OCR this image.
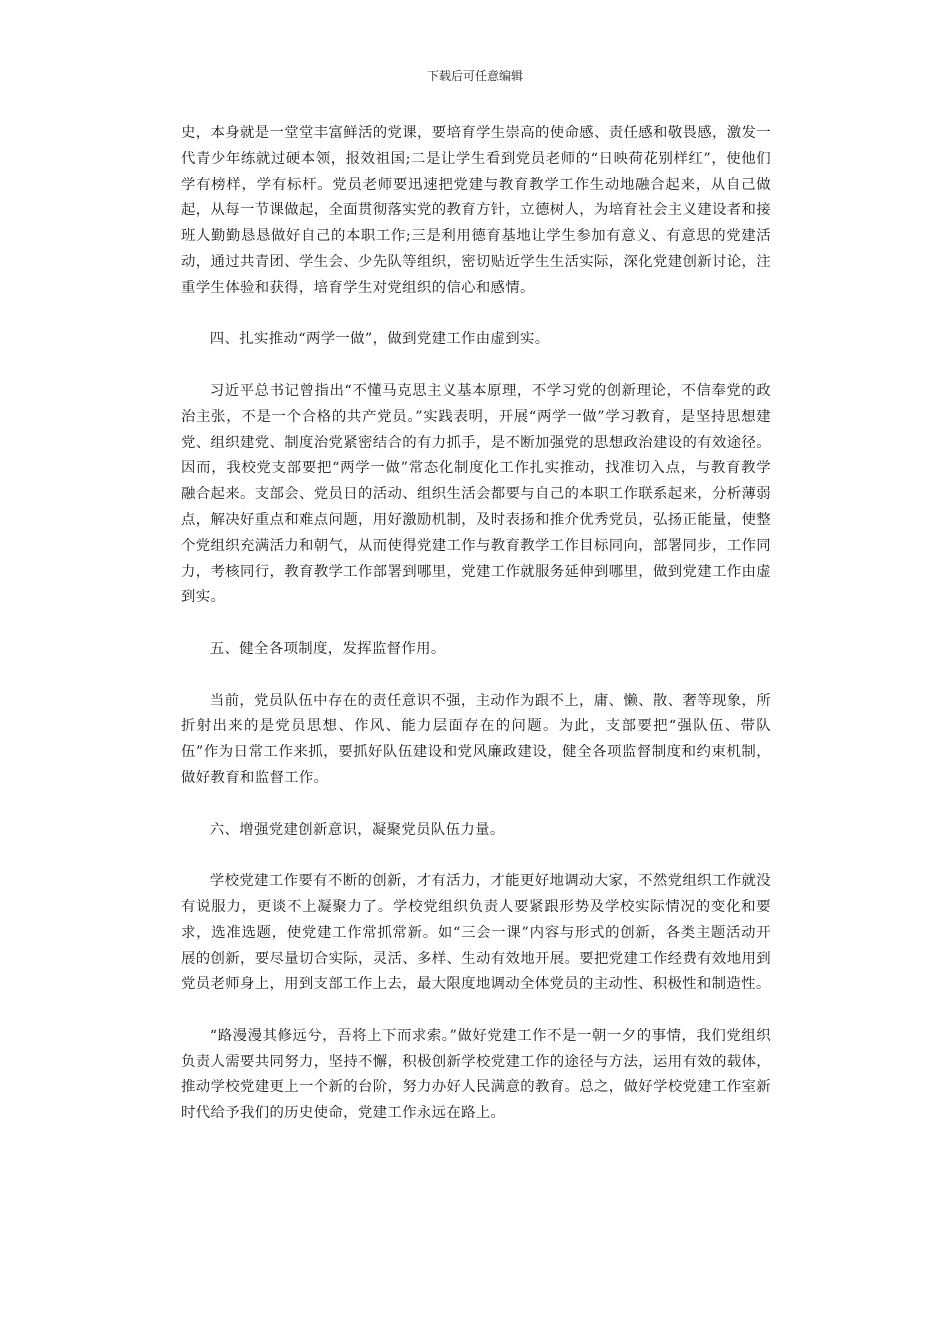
下载后可任意编辑

史，本身就是一堂堂丰富鲜活的党课，要培育学生崇高的使命感、责任感和敬畏感，激发一代青少年练就过硬本领，报效祖国;二是让学生看到党员老师的“日映荷花别样红”，使他们学有榜样，学有标杆。党员老师要迅速把党建与教育教学工作生动地融合起来，从自己做起，从每一节课做起，全面贯彻落实党的教育方针，立德树人，为培育社会主义建设者和接班人勤勤恳恳做好自己的本职工作;三是利用德育基地让学生参加有意义、有意思的党建活动，通过共青团、学生会、少先队等组织，密切贴近学生生活实际，深化党建创新讨论，注重学生体验和获得，培育学生对党组织的信心和感情。

四、扎实推动“两学一做”，做到党建工作由虚到实。

习近平总书记曾指出“不懂马克思主义基本原理，不学习党的创新理论，不信奉党的政治主张，不是一个合格的共产党员。”实践表明，开展“两学一做”学习教育，是坚持思想建党、组织建党、制度治党紧密结合的有力抓手，是不断加强党的思想政治建设的有效途径。因而，我校党支部要把“两学一做”常态化制度化工作扎实推动，找准切入点，与教育教学融合起来。支部会、党员日的活动、组织生活会都要与自己的本职工作联系起来，分析薄弱点，解决好重点和难点问题，用好激励机制，及时表扬和推介优秀党员，弘扬正能量，使整个党组织充满活力和朝气，从而使得党建工作与教育教学工作目标同向，部署同步，工作同力，考核同行，教育教学工作部署到哪里，党建工作就服务延伸到哪里，做到党建工作由虚到实。

五、健全各项制度，发挥监督作用。

当前，党员队伍中存在的责任意识不强，主动作为跟不上，庸、懒、散、奢等现象，所折射出来的是党员思想、作风、能力层面存在的问题。为此，支部要把“强队伍、带队伍”作为日常工作来抓，要抓好队伍建设和党风廉政建设，健全各项监督制度和约束机制，做好教育和监督工作。

六、增强党建创新意识，凝聚党员队伍力量。

学校党建工作要有不断的创新，才有活力，才能更好地调动大家，不然党组织工作就没有说服力，更谈不上凝聚力了。学校党组织负责人要紧跟形势及学校实际情况的变化和要求，选准选题，使党建工作常抓常新。如“三会一课”内容与形式的创新，各类主题活动开展的创新，要尽量切合实际，灵活、多样、生动有效地开展。要把党建工作经费有效地用到党员老师身上，用到支部工作上去，最大限度地调动全体党员的主动性、积极性和制造性。

“路漫漫其修远兮，吾将上下而求索。”做好党建工作不是一朝一夕的事情，我们党组织负责人需要共同努力，坚持不懈，积极创新学校党建工作的途径与方法，运用有效的载体，推动学校党建更上一个新的台阶，努力办好人民满意的教育。总之，做好学校党建工作室新时代给予我们的历史使命，党建工作永远在路上。
